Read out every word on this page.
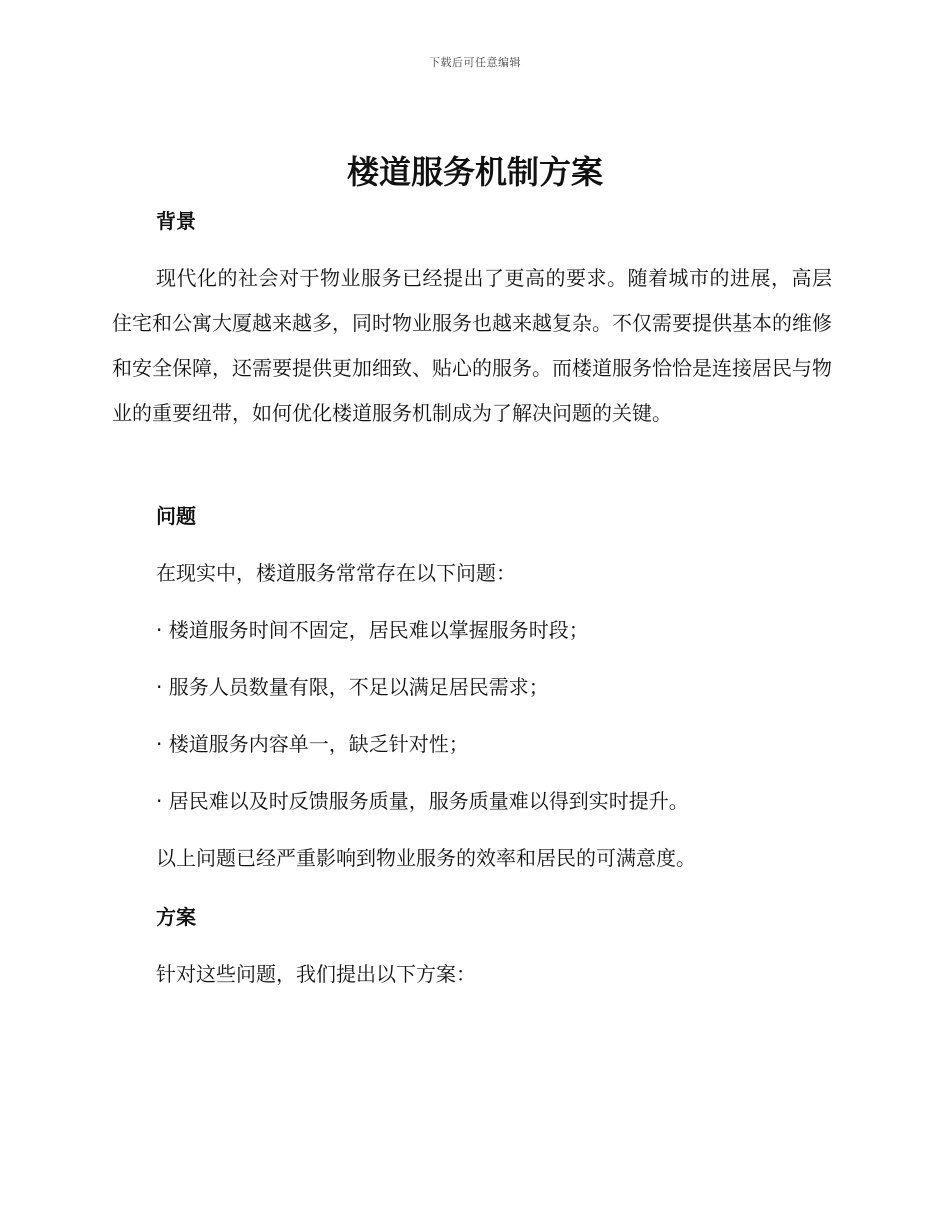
下载后可任意编辑
楼道服务机制方案
背景

现代化的社会对于物业服务已经提出了更高的要求。随着城市的进展，高层住宅和公寓大厦越来越多，同时物业服务也越来越复杂。不仅需要提供基本的维修和安全保障，还需要提供更加细致、贴心的服务。而楼道服务恰恰是连接居民与物业的重要纽带，如何优化楼道服务机制成为了解决问题的关键。

问题

在现实中，楼道服务常常存在以下问题：

· 楼道服务时间不固定，居民难以掌握服务时段；

· 服务人员数量有限，不足以满足居民需求；

· 楼道服务内容单一，缺乏针对性；

· 居民难以及时反馈服务质量，服务质量难以得到实时提升。

以上问题已经严重影响到物业服务的效率和居民的可满意度。

方案

针对这些问题，我们提出以下方案：
